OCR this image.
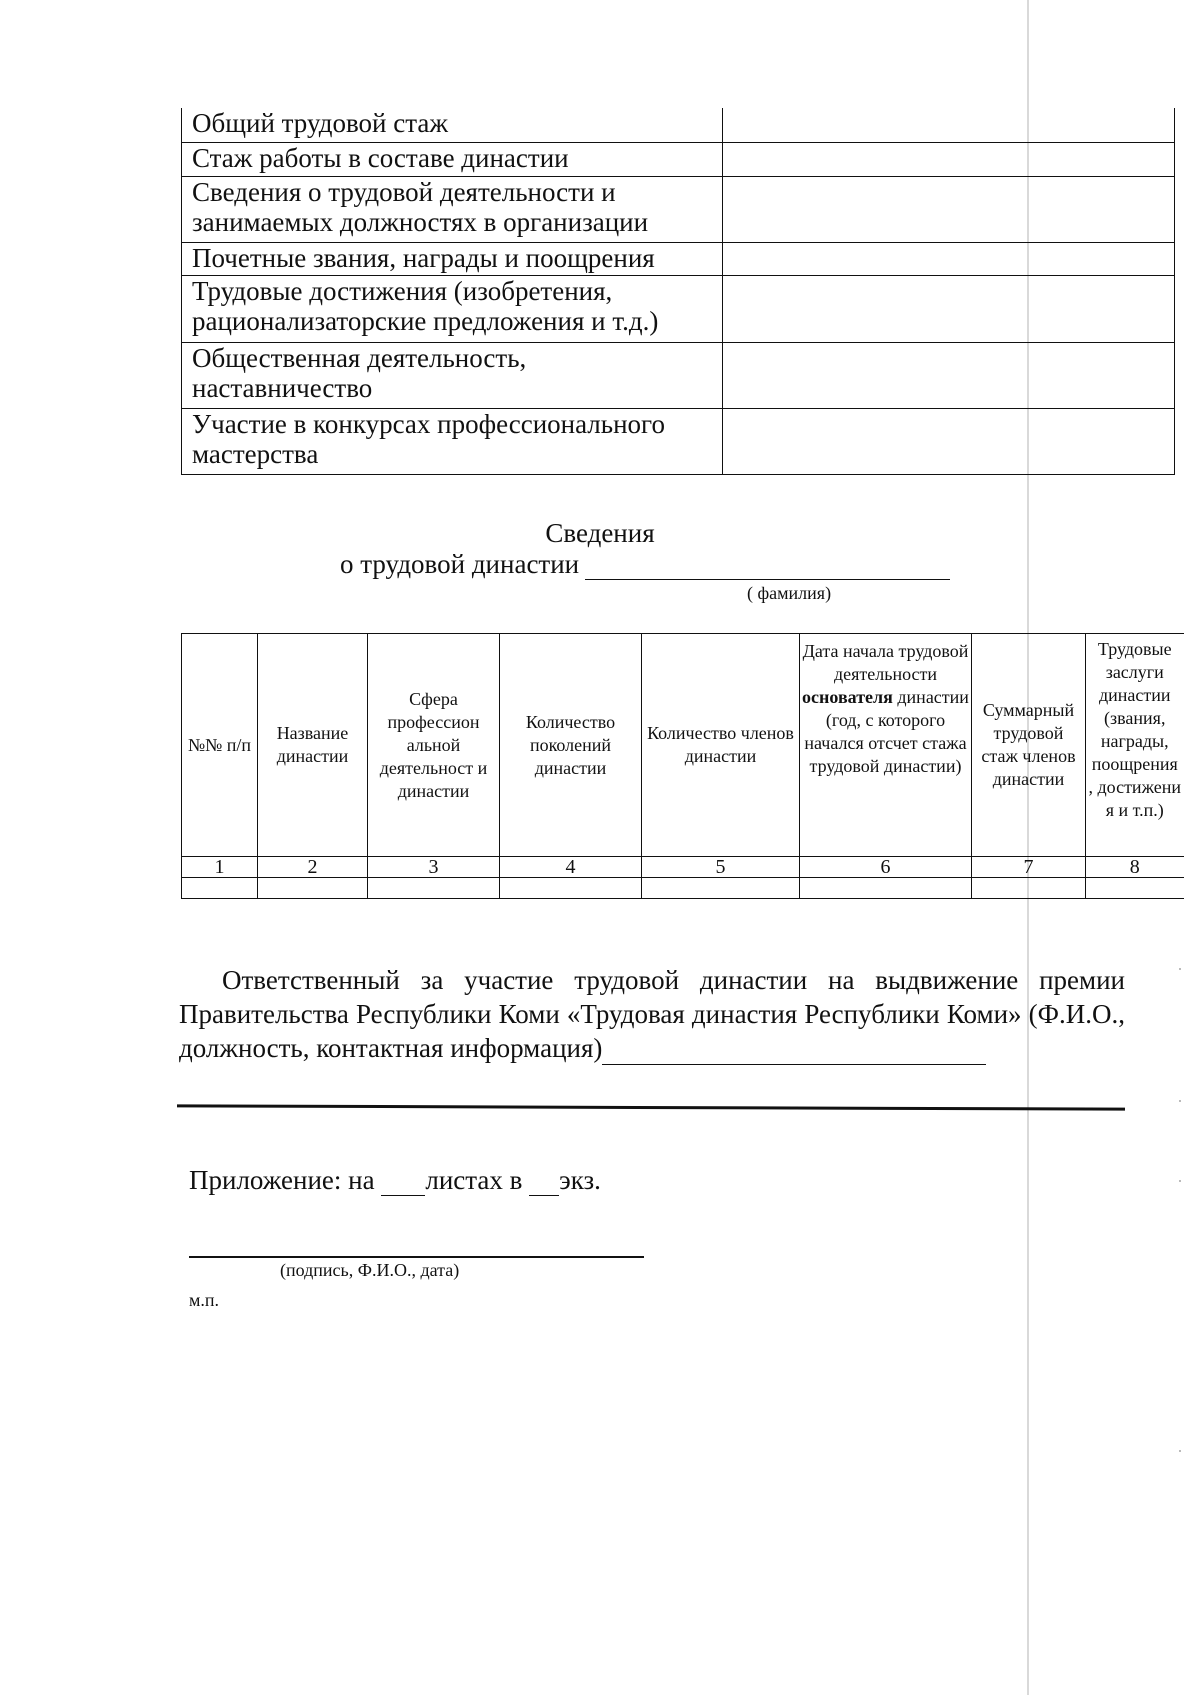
Общий трудовой стаж	
Стаж работы в составе династии	
Сведения о трудовой деятельности и занимаемых должностях в организации	
Почетные звания, награды и поощрения	
Трудовые достижения (изобретения, рационализаторские предложения и т.д.)	
Общественная деятельность, наставничество	
Участие в конкурсах профессионального мастерства	
Сведения
о трудовой династии
( фамилия)
№№ п/п	Название династии	Сфера профессион альной деятельност и династии	Количество поколений династии	Количество членов династии	Дата начала трудовой деятельности основателя династии (год, с которого начался отсчет стажа трудовой династии)	Суммарный трудовой стаж членов династии	Трудовые заслуги династии (звания, награды, поощрения , достижени я и т.п.)
1	2	3	4	5	6	7	8

Ответственный за участие трудовой династии на выдвижение премии Правительства Республики Коми «Трудовая династия Республики Коми» (Ф.И.О., должность, контактная информация)

Приложение: на листах в экз.
(подпись, Ф.И.О., дата)
м.п.
